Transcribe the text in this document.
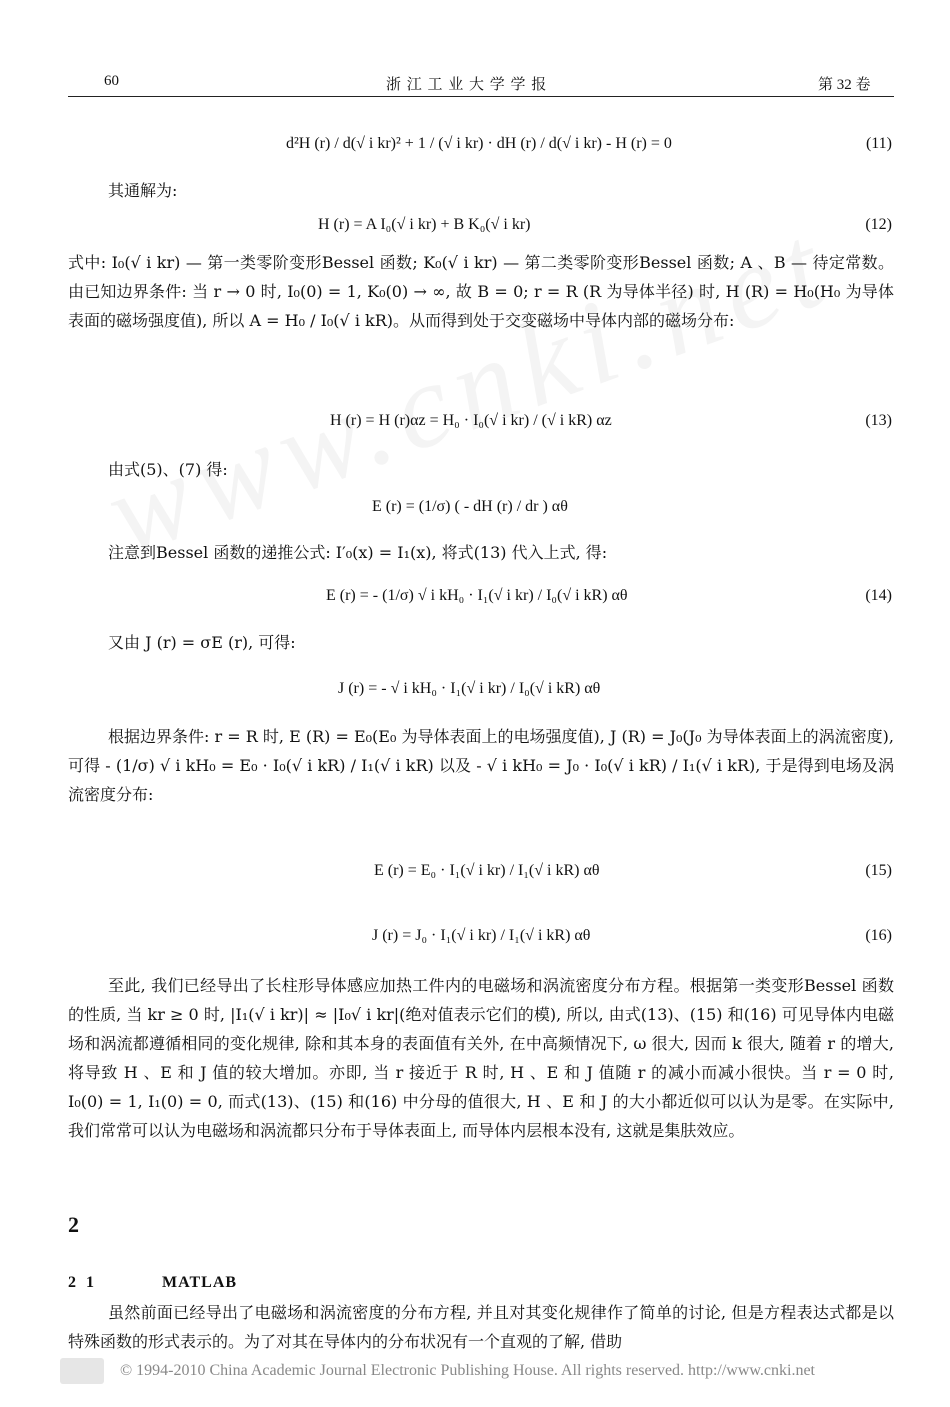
60	浙 江 工 业 大 学 学 报	第 32 卷
d²H (r) / d(√ i kr)² + 1 / (√ i kr) · dH (r) / d(√ i kr) - H (r) = 0	(11)
其通解为:
H (r) = A I₀(√ i kr) + B K₀(√ i kr)	(12)
式中: I₀(√ i kr) — 第一类零阶变形Bessel 函数; K₀(√ i kr) — 第二类零阶变形Bessel 函数; A 、B — 待定常数。由已知边界条件: 当 r → 0 时, I₀(0) = 1, K₀(0) → ∞, 故 B = 0; r = R (R 为导体半径) 时, H (R) = H₀(H₀ 为导体表面的磁场强度值), 所以 A = H₀ / I₀(√ i kR)。从而得到处于交变磁场中导体内部的磁场分布:
H (r) = H (r)αz = H₀ · I₀(√ i kr) / (√ i kR) αz	(13)
由式(5)、(7) 得:
E (r) = (1/σ) ( - dH (r) / dr ) αθ
注意到Bessel 函数的递推公式: I′₀(x) = I₁(x), 将式(13) 代入上式, 得:
E (r) = - (1/σ) √ i kH₀ · I₁(√ i kr) / I₀(√ i kR) αθ	(14)
又由 J (r) = σE (r), 可得:
J (r) = - √ i kH₀ · I₁(√ i kr) / I₀(√ i kR) αθ
根据边界条件: r = R 时, E (R) = E₀(E₀ 为导体表面上的电场强度值), J (R) = J₀(J₀ 为导体表面上的涡流密度), 可得 - (1/σ) √ i kH₀ = E₀ · I₀(√ i kR) / I₁(√ i kR) 以及 - √ i kH₀ = J₀ · I₀(√ i kR) / I₁(√ i kR), 于是得到电场及涡流密度分布:
E (r) = E₀ · I₁(√ i kr) / I₁(√ i kR) αθ	(15)
J (r) = J₀ · I₁(√ i kr) / I₁(√ i kR) αθ	(16)
至此, 我们已经导出了长柱形导体感应加热工件内的电磁场和涡流密度分布方程。根据第一类变形Bessel 函数的性质, 当 kr ≥ 0 时, |I₁(√ i kr)| ≈ |I₀√ i kr|(绝对值表示它们的模), 所以, 由式(13)、(15) 和(16) 可见导体内电磁场和涡流都遵循相同的变化规律, 除和其本身的表面值有关外, 在中高频情况下, ω 很大, 因而 k 很大, 随着 r 的增大, 将导致 H 、E 和 J 值的较大增加。亦即, 当 r 接近于 R 时, H 、E 和 J 值随 r 的减小而减小很快。当 r = 0 时, I₀(0) = 1, I₁(0) = 0, 而式(13)、(15) 和(16) 中分母的值很大, H 、E 和 J 的大小都近似可以认为是零。在实际中, 我们常常可以认为电磁场和涡流都只分布于导体表面上, 而导体内层根本没有, 这就是集肤效应。
2
2 1	MATLAB
虽然前面已经导出了电磁场和涡流密度的分布方程, 并且对其变化规律作了简单的讨论, 但是方程表达式都是以特殊函数的形式表示的。为了对其在导体内的分布状况有一个直观的了解, 借助
© 1994-2010 China Academic Journal Electronic Publishing House. All rights reserved. http://www.cnki.net
